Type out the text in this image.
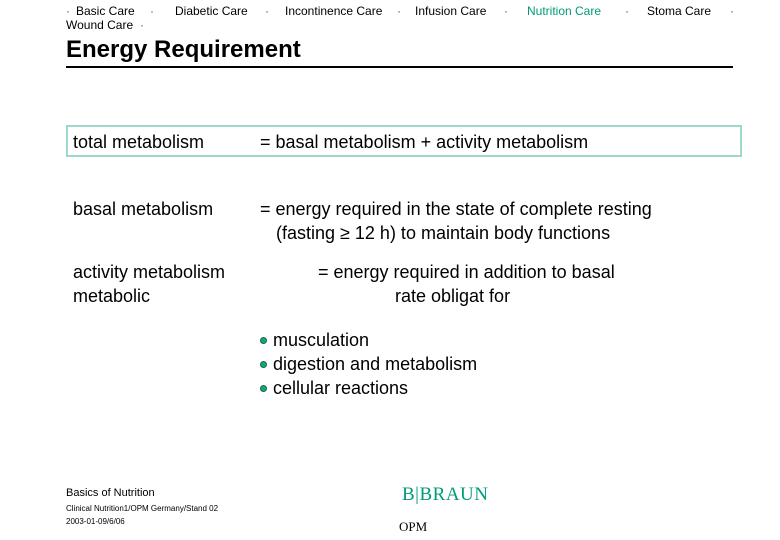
· Basic Care · Diabetic Care · Incontinence Care · Infusion Care · Nutrition Care · Stoma Care ·
Wound Care ·
Energy Requirement
total metabolism	= basal metabolism + activity metabolism
basal metabolism	= energy required in the state of complete resting
(fasting ≥ 12 h) to maintain body functions
activity metabolism
metabolic
= energy required in addition to basal
rate obligat for
musculation
digestion and metabolism
cellular reactions
Basics of Nutrition
Clinical Nutrition1/OPM Germany/Stand 02
2003-01-09/6/06
B|BRAUN
OPM
